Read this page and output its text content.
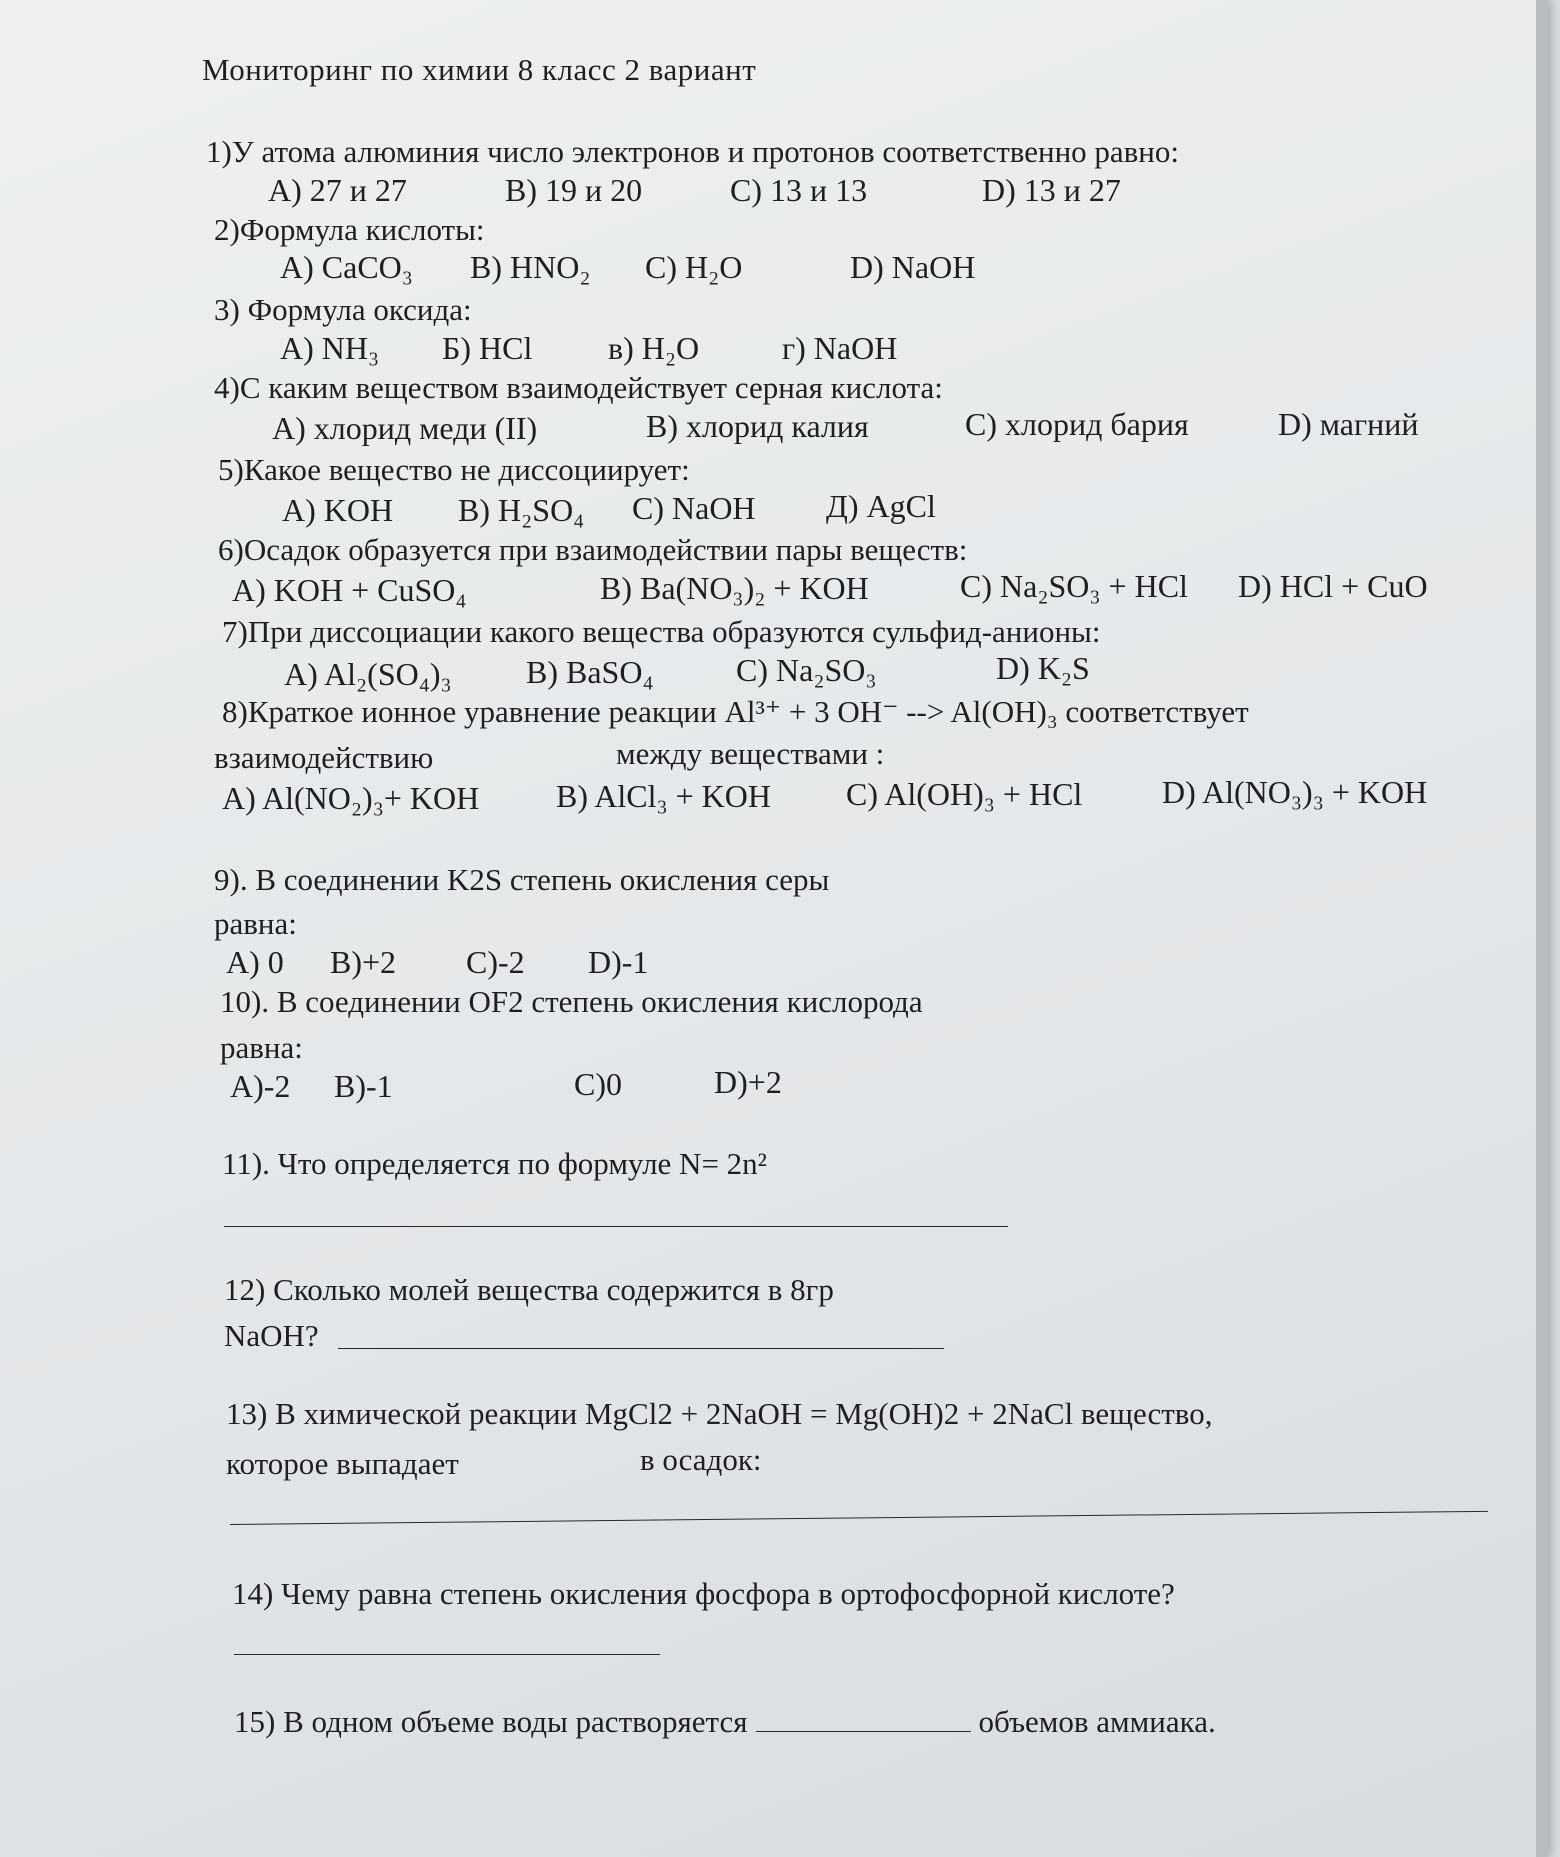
Мониторинг по химии 8 класс 2 вариант
1)У атома алюминия число электронов и протонов соответственно равно:
A) 27 и 27	B) 19 и 20	C) 13 и 13	D) 13 и 27
2)Формула кислоты:
A) CaCO₃ B) HNO₂ C) H₂O	D) NaOH
3) Формула оксида:
A) NH₃ Б) HCl в) H₂O	г) NaOH
4)С каким веществом взаимодействует серная кислота:
A) хлорид меди (II)	B) хлорид калия	C) хлорид бария	D) магний
5)Какое вещество не диссоциирует:
A) KOH B) H₂SO₄ C) NaOH Д) AgCl
6)Осадок образуется при взаимодействии пары веществ:
A) KOH + CuSO₄	B) Ba(NO₃)₂ + KOH	C) Na₂SO₃ + HCl D) HCl + CuO
7)При диссоциации какого вещества образуются сульфид-анионы:
A) Al₂(SO₄)₃ B) BaSO₄	C) Na₂SO₃	D) K₂S
8)Краткое ионное уравнение реакции Al³⁺ + 3 OH⁻ --> Al(OH)₃ соответствует
взаимодействию	между веществами :
A) Al(NO₂)₃+ KOH B) AlCl₃ + KOH C) Al(OH)₃ + HCl D) Al(NO₃)₃ + KOH
9). В соединении K2S степень окисления серы
равна:
A) 0 B)+2 C)-2 D)-1
10). В соединении OF2 степень окисления кислорода
равна:
A)-2 B)-1	C)0	D)+2
11). Что определяется по формуле N= 2n²
12) Сколько молей вещества содержится в 8гр
NaOH?
13) В химической реакции MgCl2 + 2NaOH = Mg(OH)2 + 2NaCl вещество,
которое выпадает	в осадок:
14) Чему равна степень окисления фосфора в ортофосфорной кислоте?
15) В одном объеме воды растворяется	объемов аммиака.
